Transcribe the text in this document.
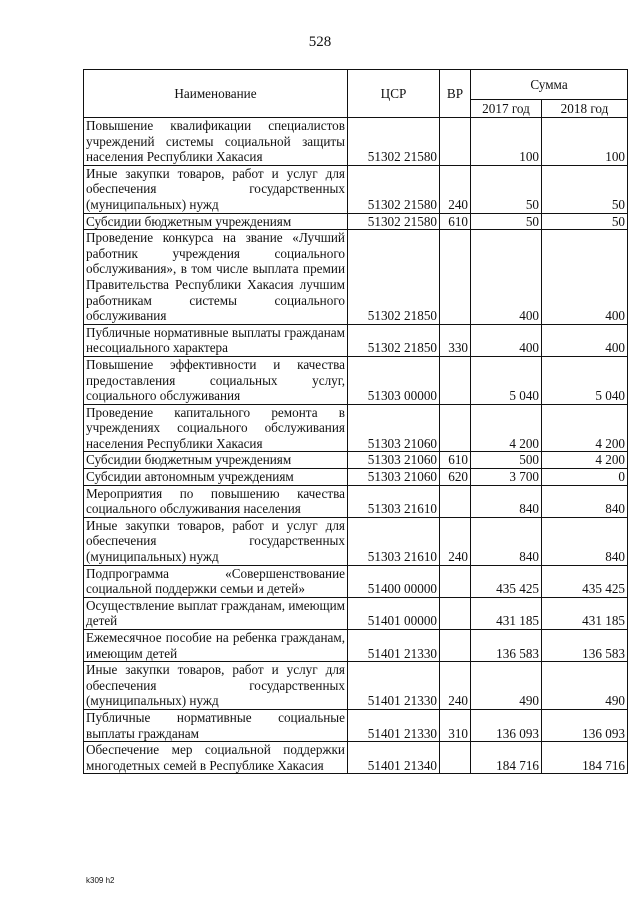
528
Наименование	ЦСР	ВР	Сумма	
			2017 год	2018 год
Повышение квалификации специалистов учреждений системы социальной защиты населения Республики Хакасия	51302 21580		100	100
Иные закупки товаров, работ и услуг для обеспечения государственных (муниципальных) нужд	51302 21580	240	50	50
Субсидии бюджетным учреждениям	51302 21580	610	50	50
Проведение конкурса на звание «Лучший работник учреждения социального обслуживания», в том числе выплата премии Правительства Республики Хакасия лучшим работникам системы социального обслуживания	51302 21850		400	400
Публичные нормативные выплаты гражданам несоциального характера	51302 21850	330	400	400
Повышение эффективности и качества предоставления социальных услуг, социального обслуживания	51303 00000		5 040	5 040
Проведение капитального ремонта в учреждениях социального обслуживания населения Республики Хакасия	51303 21060		4 200	4 200
Субсидии бюджетным учреждениям	51303 21060	610	500	4 200
Субсидии автономным учреждениям	51303 21060	620	3 700	0
Мероприятия по повышению качества социального обслуживания населения	51303 21610		840	840
Иные закупки товаров, работ и услуг для обеспечения государственных (муниципальных) нужд	51303 21610	240	840	840
Подпрограмма «Совершенствование социальной поддержки семьи и детей»	51400 00000		435 425	435 425
Осуществление выплат гражданам, имеющим детей	51401 00000		431 185	431 185
Ежемесячное пособие на ребенка гражданам, имеющим детей	51401 21330		136 583	136 583
Иные закупки товаров, работ и услуг для обеспечения государственных (муниципальных) нужд	51401 21330	240	490	490
Публичные нормативные социальные выплаты гражданам	51401 21330	310	136 093	136 093
Обеспечение мер социальной поддержки многодетных семей в Республике Хакасия	51401 21340		184 716	184 716
k309 h2
